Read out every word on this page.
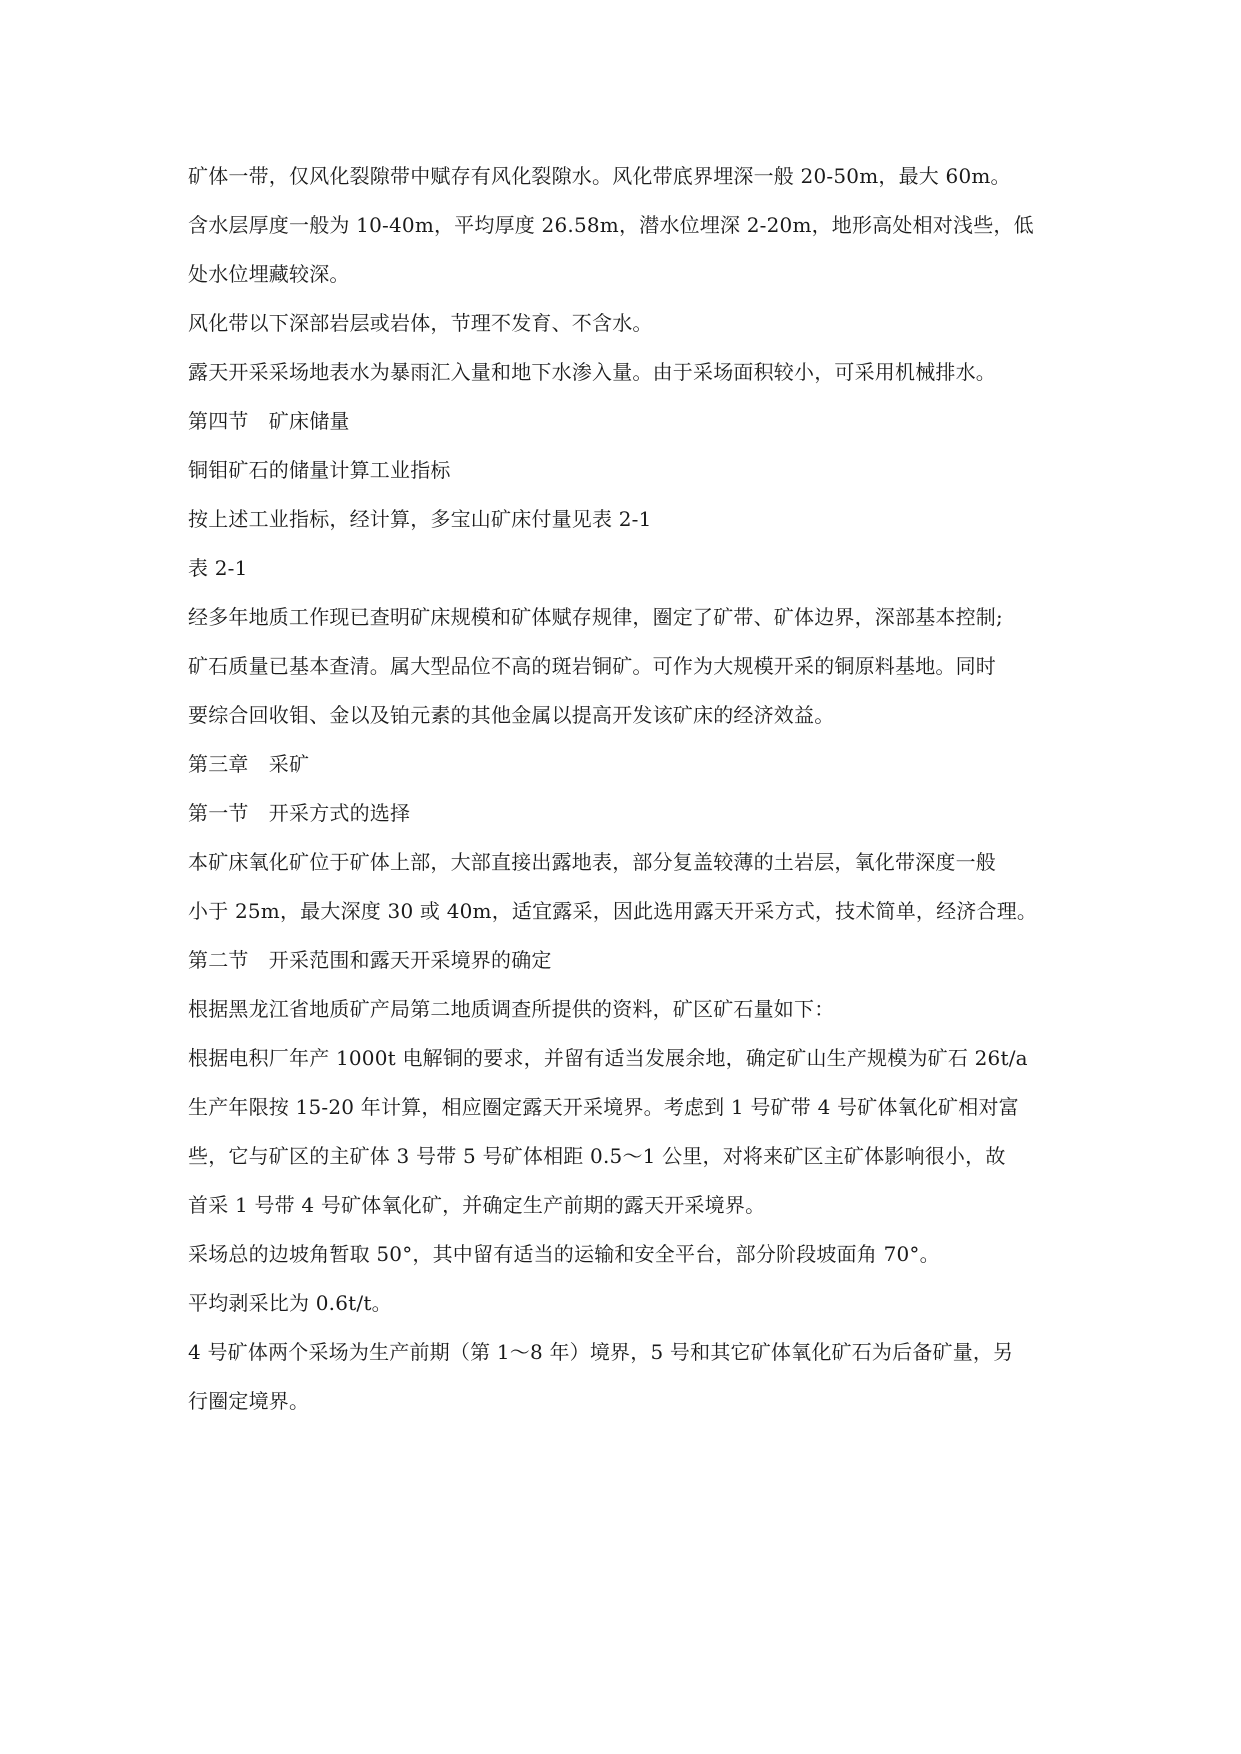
矿体一带，仅风化裂隙带中赋存有风化裂隙水。风化带底界埋深一般 20-50m，最大 60m。
含水层厚度一般为 10-40m，平均厚度 26.58m，潜水位埋深 2-20m，地形高处相对浅些，低
处水位埋藏较深。
风化带以下深部岩层或岩体，节理不发育、不含水。
露天开采采场地表水为暴雨汇入量和地下水渗入量。由于采场面积较小，可采用机械排水。
第四节　矿床储量
铜钼矿石的储量计算工业指标
按上述工业指标，经计算，多宝山矿床付量见表 2-1
表 2-1
经多年地质工作现已查明矿床规模和矿体赋存规律，圈定了矿带、矿体边界，深部基本控制;
矿石质量已基本查清。属大型品位不高的斑岩铜矿。可作为大规模开采的铜原料基地。同时
要综合回收钼、金以及铂元素的其他金属以提高开发该矿床的经济效益。
第三章　采矿
第一节　开采方式的选择
本矿床氧化矿位于矿体上部，大部直接出露地表，部分复盖较薄的土岩层，氧化带深度一般
小于 25m，最大深度 30 或 40m，适宜露采，因此选用露天开采方式，技术简单，经济合理。
第二节　开采范围和露天开采境界的确定
根据黑龙江省地质矿产局第二地质调查所提供的资料，矿区矿石量如下：
根据电积厂年产 1000t 电解铜的要求，并留有适当发展余地，确定矿山生产规模为矿石 26t/a
生产年限按 15-20 年计算，相应圈定露天开采境界。考虑到 1 号矿带 4 号矿体氧化矿相对富
些，它与矿区的主矿体 3 号带 5 号矿体相距 0.5～1 公里，对将来矿区主矿体影响很小，故
首采 1 号带 4 号矿体氧化矿，并确定生产前期的露天开采境界。
采场总的边坡角暂取 50°，其中留有适当的运输和安全平台，部分阶段坡面角 70°。
平均剥采比为 0.6t/t。
4 号矿体两个采场为生产前期（第 1～8 年）境界，5 号和其它矿体氧化矿石为后备矿量，另
行圈定境界。
